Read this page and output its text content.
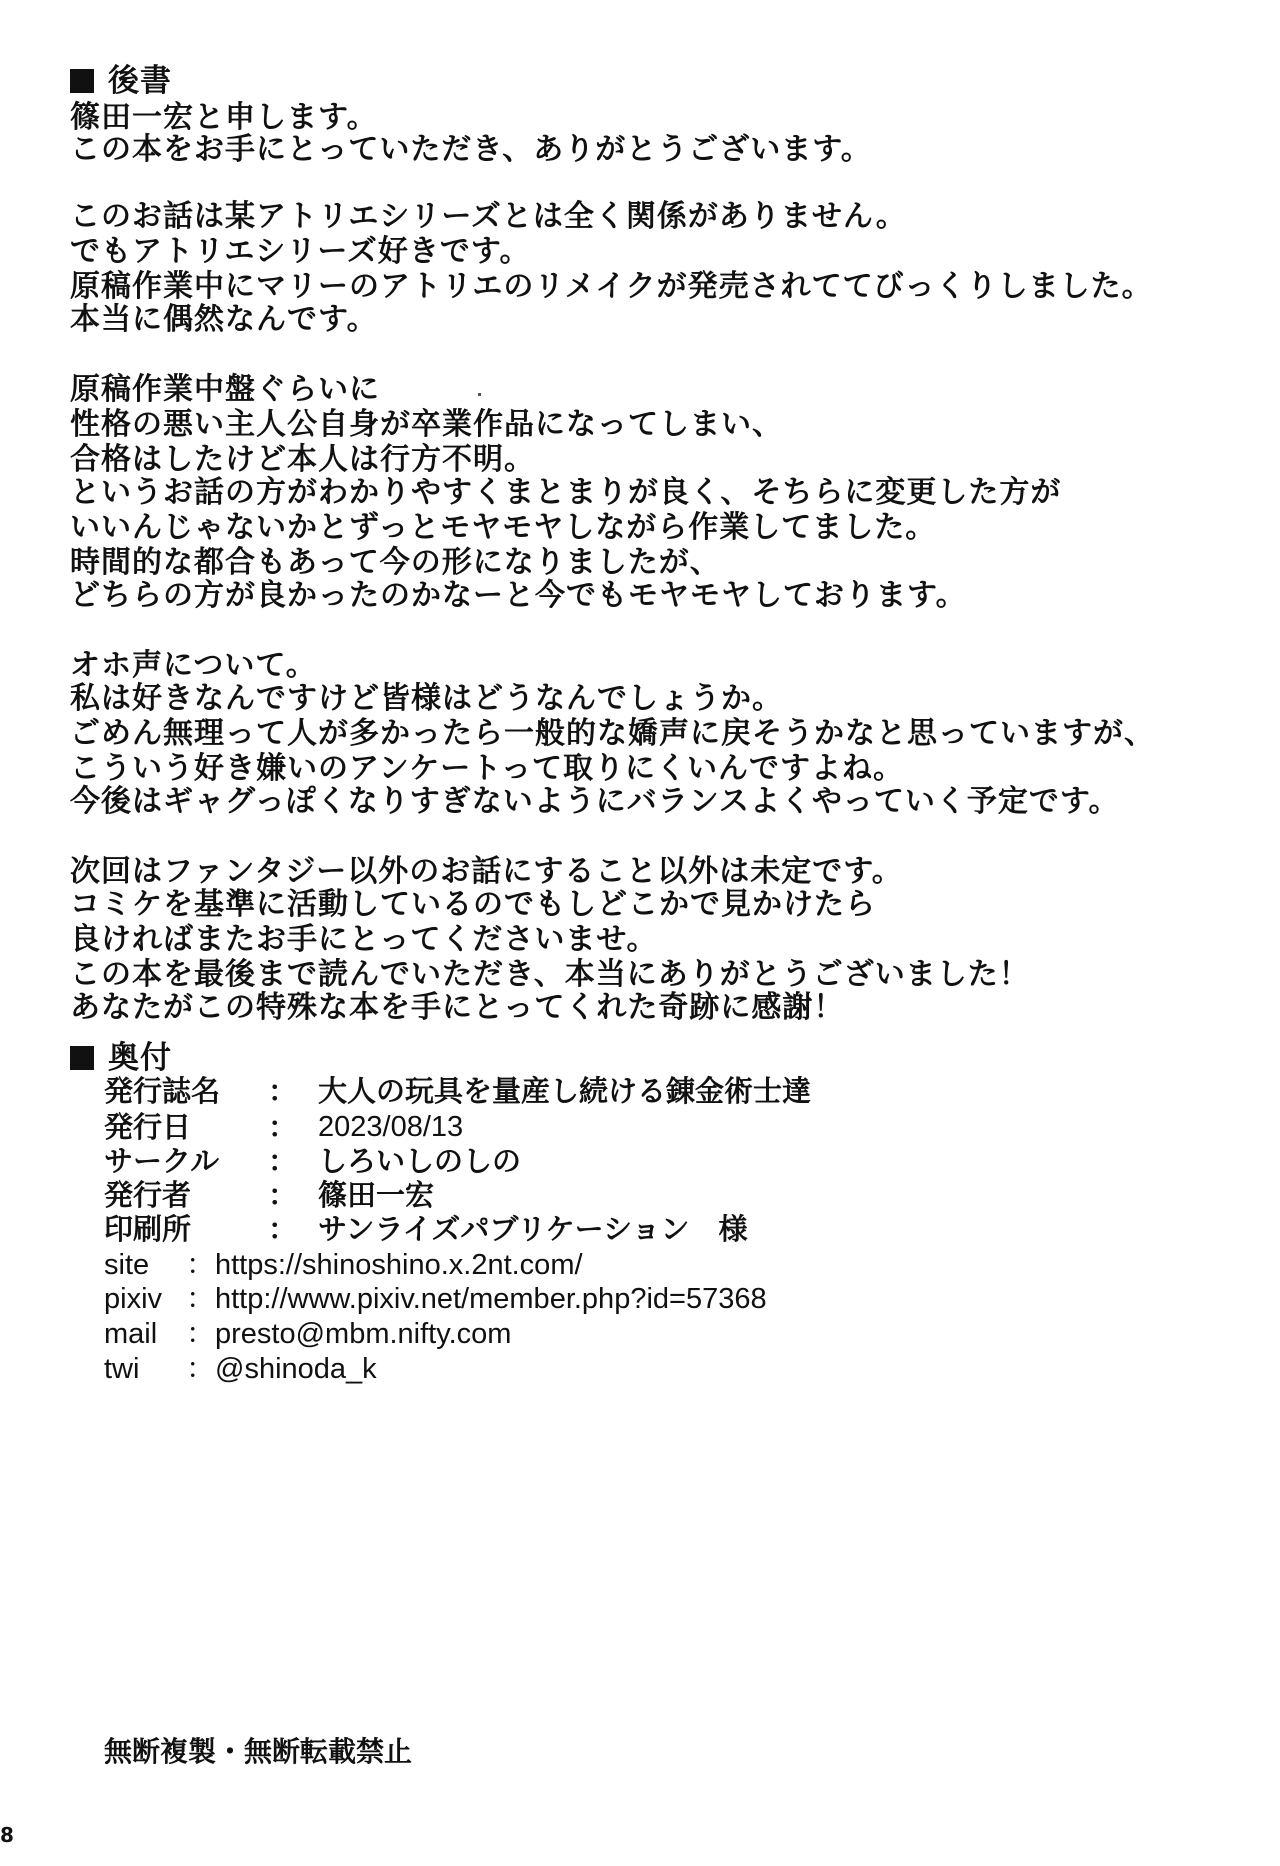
後書
篠田一宏と申します。
この本をお手にとっていただき、ありがとうございます。
このお話は某アトリエシリーズとは全く関係がありません。
でもアトリエシリーズ好きです。
原稿作業中にマリーのアトリエのリメイクが発売されててびっくりしました。
本当に偶然なんです。
原稿作業中盤ぐらいに
性格の悪い主人公自身が卒業作品になってしまい、
合格はしたけど本人は行方不明。
というお話の方がわかりやすくまとまりが良く、そちらに変更した方が
いいんじゃないかとずっとモヤモヤしながら作業してました。
時間的な都合もあって今の形になりましたが、
どちらの方が良かったのかなーと今でもモヤモヤしております。
オホ声について。
私は好きなんですけど皆様はどうなんでしょうか。
ごめん無理って人が多かったら一般的な嬌声に戻そうかなと思っていますが、
こういう好き嫌いのアンケートって取りにくいんですよね。
今後はギャグっぽくなりすぎないようにバランスよくやっていく予定です。
次回はファンタジー以外のお話にすること以外は未定です。
コミケを基準に活動しているのでもしどこかで見かけたら
良ければまたお手にとってくださいませ。
この本を最後まで読んでいただき、本当にありがとうございました！
あなたがこの特殊な本を手にとってくれた奇跡に感謝！
奥付
発行誌名 ： 大人の玩具を量産し続ける錬金術士達
発行日	： 2023/08/13
サークル ： しろいしのしの
発行者	： 篠田一宏
印刷所	： サンライズパブリケーション　様
site ：https://shinoshino.x.2nt.com/
pixiv ：http://www.pixiv.net/member.php?id=57368
mail ：presto@mbm.nifty.com
twi ：@shinoda_k
無断複製・無断転載禁止
8
